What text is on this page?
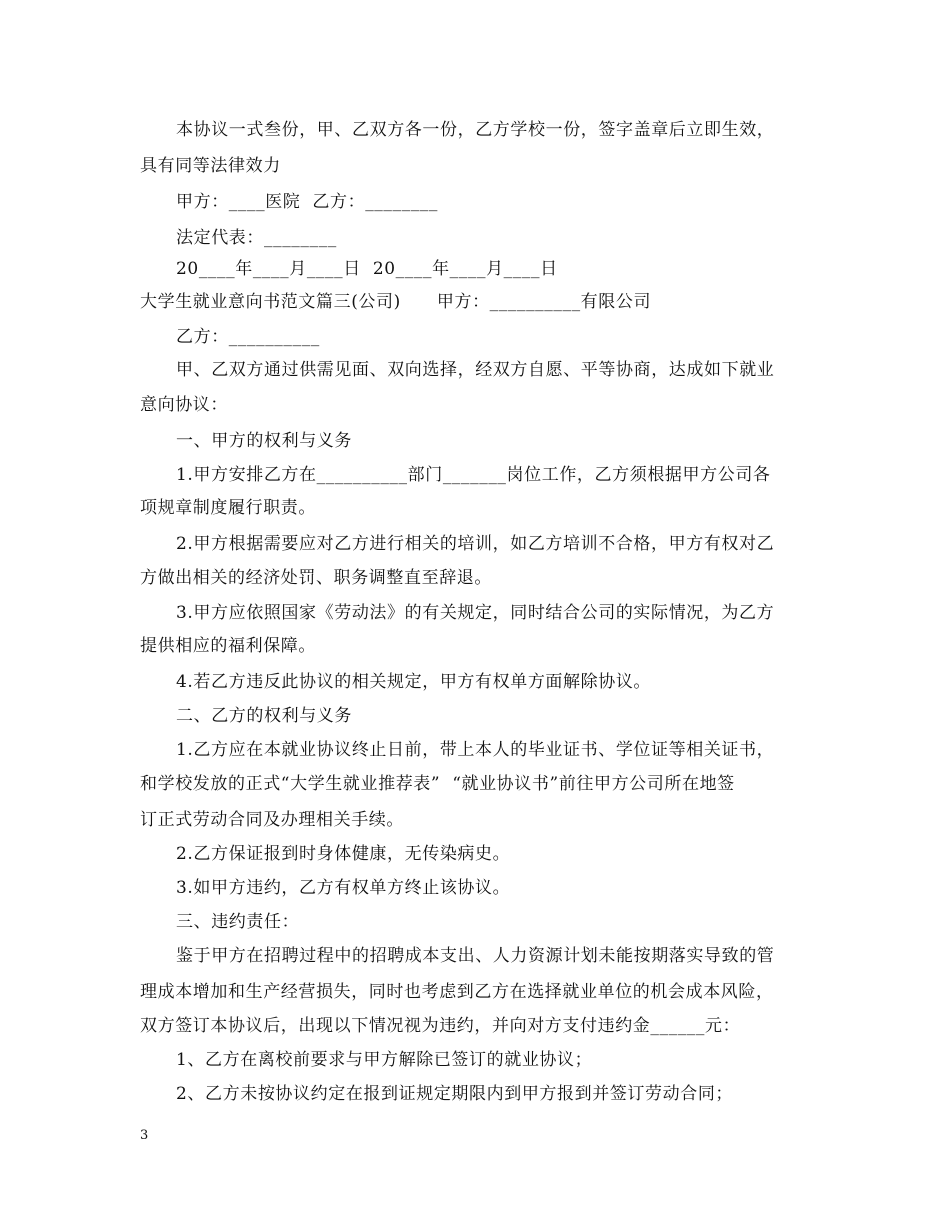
本协议一式叁份，甲、乙双方各一份，乙方学校一份，签字盖章后立即生效，
具有同等法律效力
甲方：____医院  乙方：________
法定代表：________
20____年____月____日  20____年____月____日
大学生就业意向书范文篇三(公司)      甲方：__________有限公司
乙方：__________
甲、乙双方通过供需见面、双向选择，经双方自愿、平等协商，达成如下就业
意向协议：
一、甲方的权利与义务
1.甲方安排乙方在__________部门_______岗位工作，乙方须根据甲方公司各
项规章制度履行职责。
2.甲方根据需要应对乙方进行相关的培训，如乙方培训不合格，甲方有权对乙
方做出相关的经济处罚、职务调整直至辞退。
3.甲方应依照国家《劳动法》的有关规定，同时结合公司的实际情况，为乙方
提供相应的福利保障。
4.若乙方违反此协议的相关规定，甲方有权单方面解除协议。
二、乙方的权利与义务
1.乙方应在本就业协议终止日前，带上本人的毕业证书、学位证等相关证书，
和学校发放的正式“大学生就业推荐表”  “就业协议书”前往甲方公司所在地签
订正式劳动合同及办理相关手续。
2.乙方保证报到时身体健康，无传染病史。
3.如甲方违约，乙方有权单方终止该协议。
三、违约责任：
鉴于甲方在招聘过程中的招聘成本支出、人力资源计划未能按期落实导致的管
理成本增加和生产经营损失，同时也考虑到乙方在选择就业单位的机会成本风险，
双方签订本协议后，出现以下情况视为违约，并向对方支付违约金______元：
1、乙方在离校前要求与甲方解除已签订的就业协议；
2、乙方未按协议约定在报到证规定期限内到甲方报到并签订劳动合同；
3
